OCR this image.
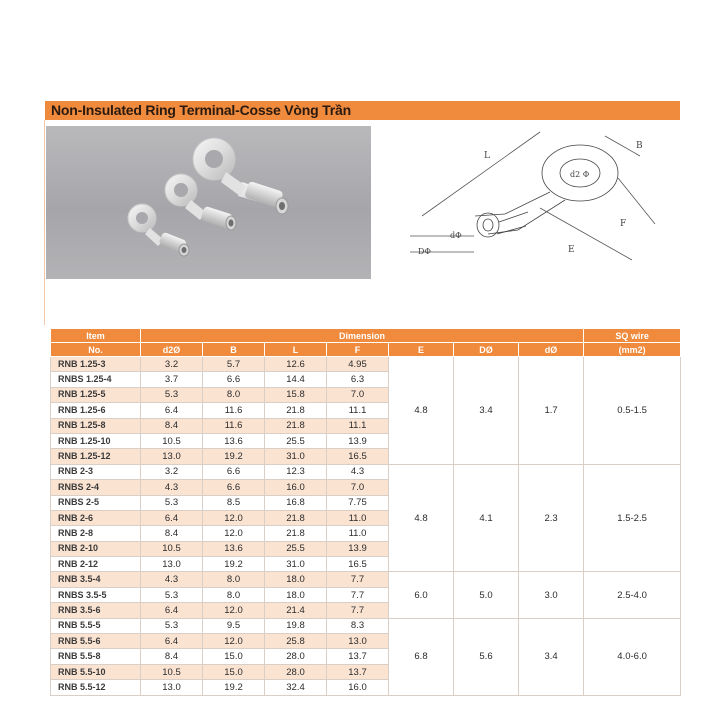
Non-Insulated Ring Terminal-Cosse Vòng Trần
L
B
F
E
d2 Φ
dΦ
DΦ
Item	Dimension							SQ wire
No.	d2Ø	B	L	F	E	DØ	dØ	(mm2)
RNB 1.25-3	3.2	5.7	12.6	4.95	4.8	3.4	1.7	0.5-1.5
RNBS 1.25-4	3.7	6.6	14.4	6.3				
RNB 1.25-5	5.3	8.0	15.8	7.0				
RNB 1.25-6	6.4	11.6	21.8	11.1				
RNB 1.25-8	8.4	11.6	21.8	11.1				
RNB 1.25-10	10.5	13.6	25.5	13.9				
RNB 1.25-12	13.0	19.2	31.0	16.5				
RNB 2-3	3.2	6.6	12.3	4.3	4.8	4.1	2.3	1.5-2.5
RNBS 2-4	4.3	6.6	16.0	7.0				
RNBS 2-5	5.3	8.5	16.8	7.75				
RNB 2-6	6.4	12.0	21.8	11.0				
RNB 2-8	8.4	12.0	21.8	11.0				
RNB 2-10	10.5	13.6	25.5	13.9				
RNB 2-12	13.0	19.2	31.0	16.5				
RNB 3.5-4	4.3	8.0	18.0	7.7	6.0	5.0	3.0	2.5-4.0
RNBS 3.5-5	5.3	8.0	18.0	7.7				
RNB 3.5-6	6.4	12.0	21.4	7.7				
RNB 5.5-5	5.3	9.5	19.8	8.3	6.8	5.6	3.4	4.0-6.0
RNB 5.5-6	6.4	12.0	25.8	13.0				
RNB 5.5-8	8.4	15.0	28.0	13.7				
RNB 5.5-10	10.5	15.0	28.0	13.7				
RNB 5.5-12	13.0	19.2	32.4	16.0				
